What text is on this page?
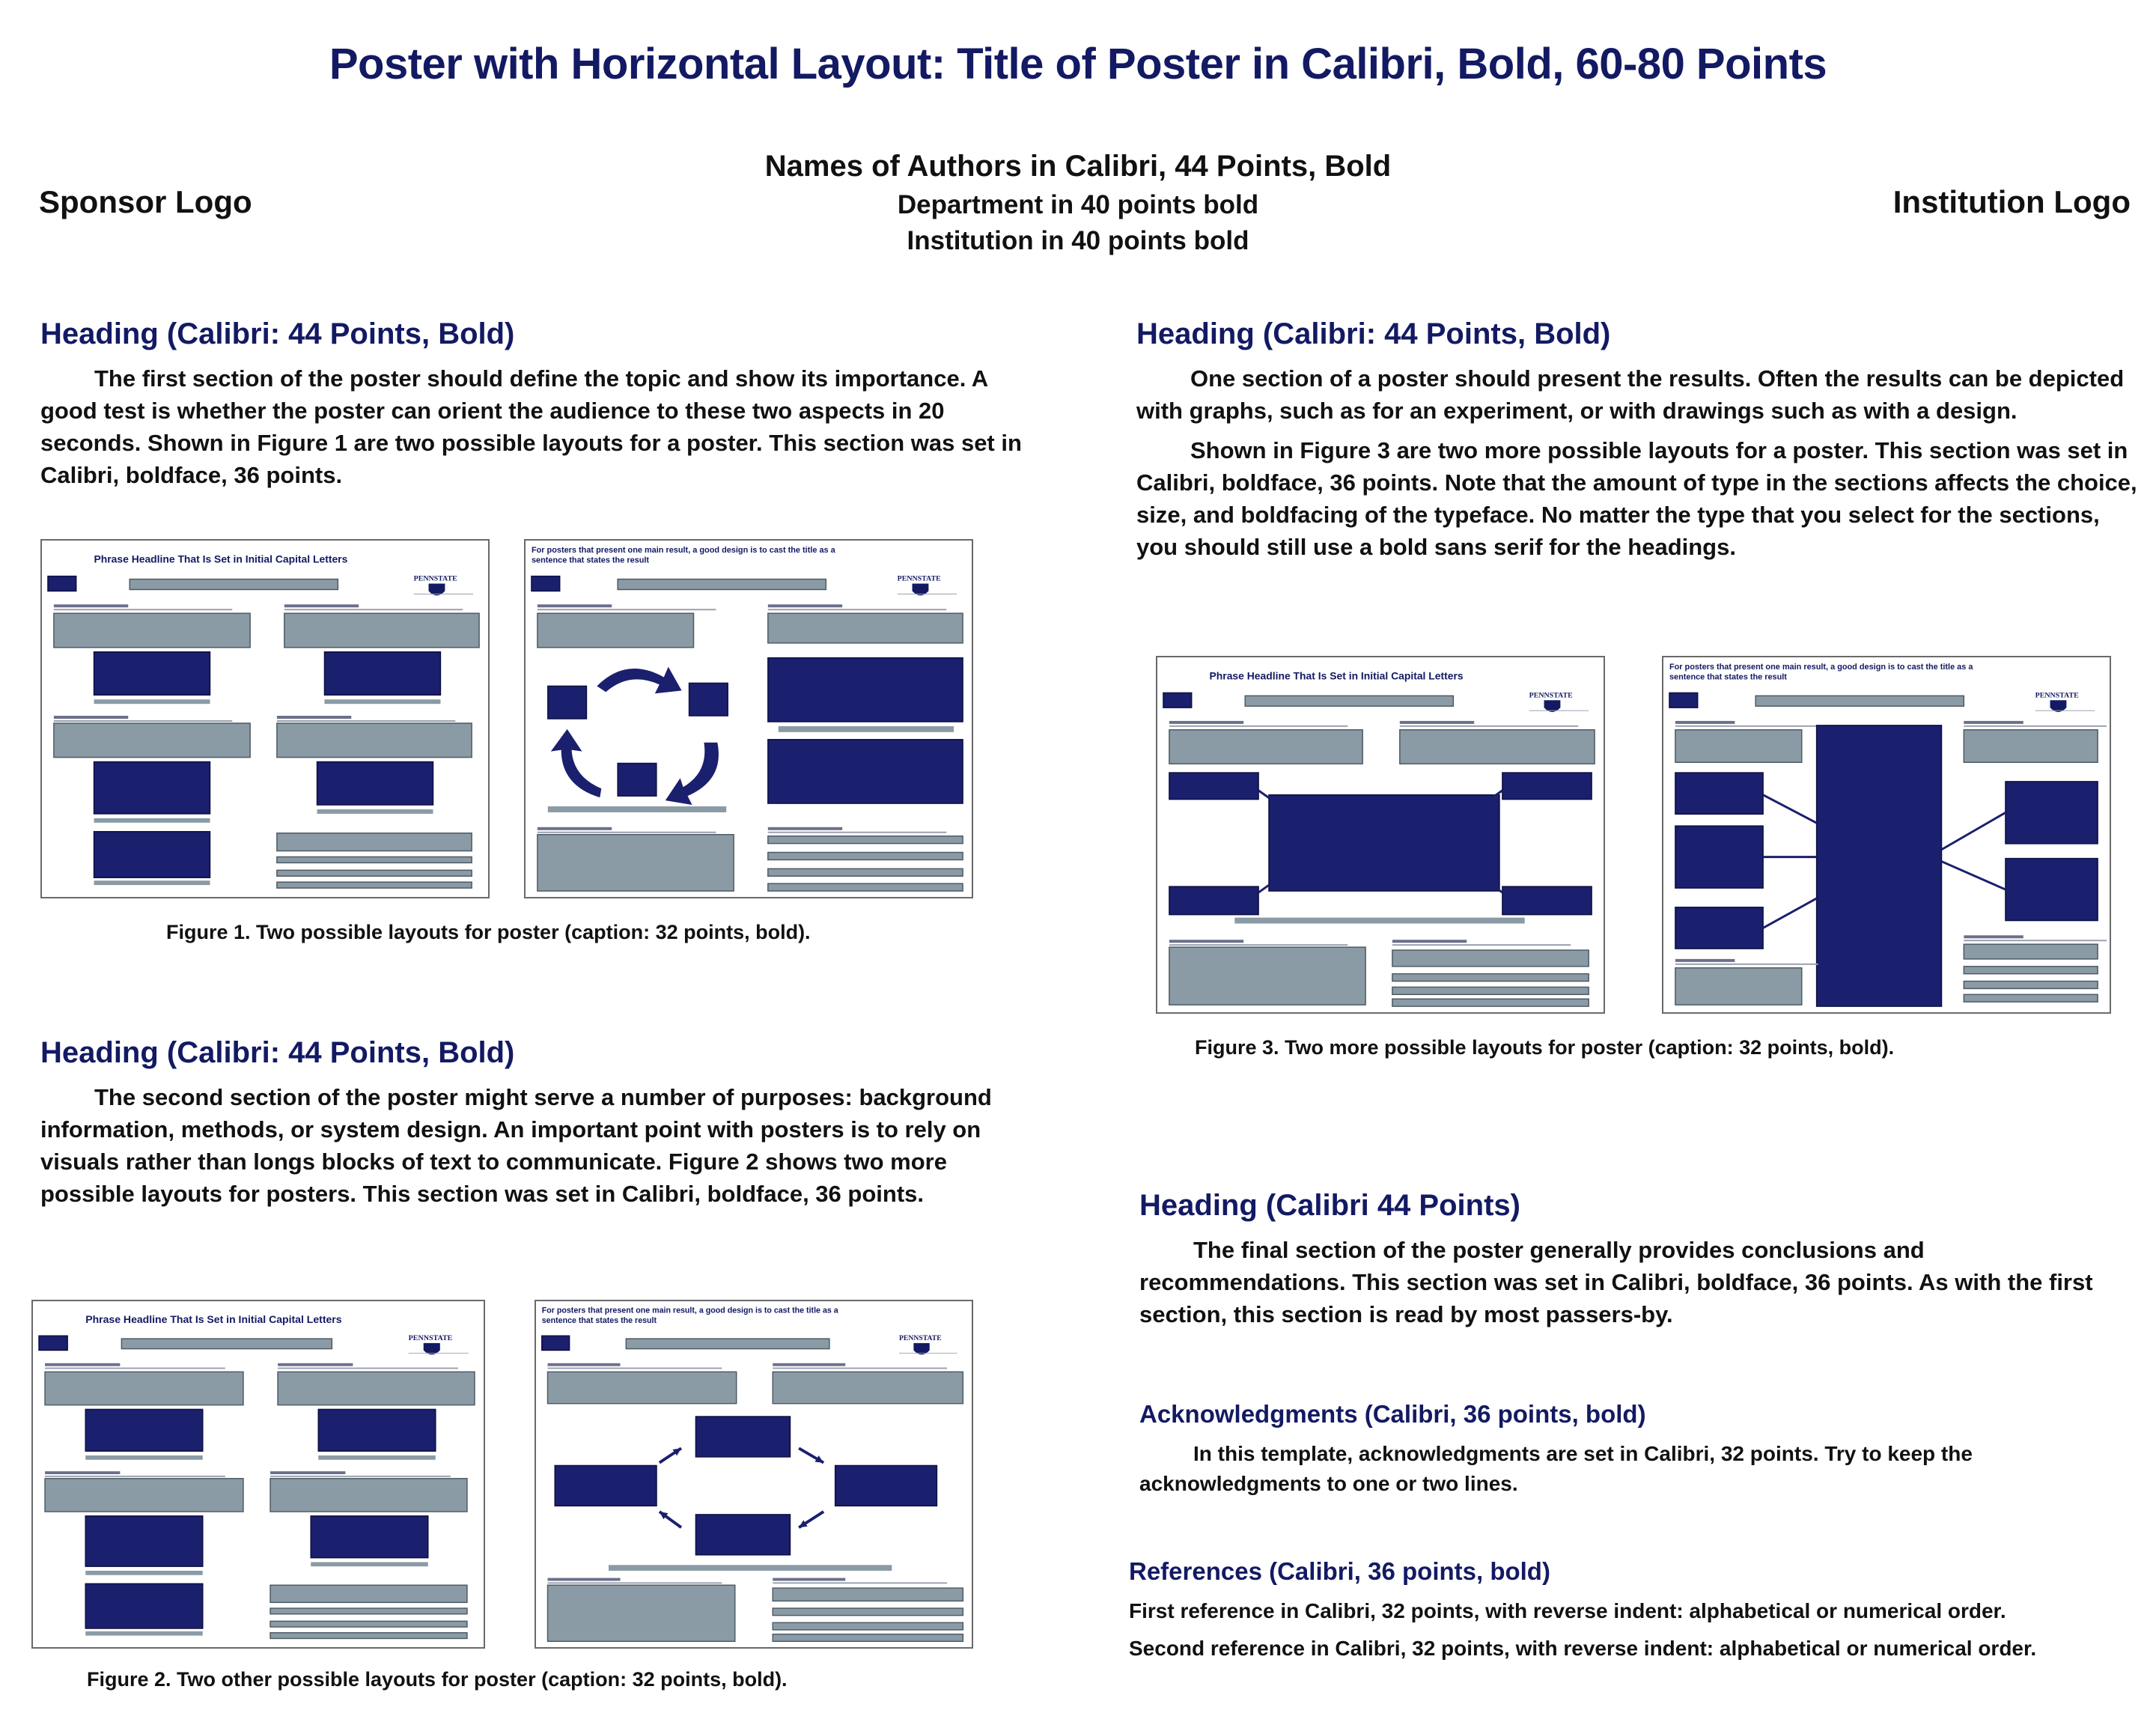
Poster with Horizontal Layout: Title of Poster in Calibri, Bold, 60-80 Points
Names of Authors in Calibri, 44 Points, Bold
Department in 40 points bold
Institution in 40 points bold
Sponsor Logo	Institution Logo
Heading (Calibri: 44 Points, Bold)

The first section of the poster should define the topic and show its importance. A good test is whether the poster can orient the audience to these two aspects in 20 seconds. Shown in Figure 1 are two possible layouts for a poster. This section was set in Calibri, boldface, 36 points.

Phrase Headline That Is Set in Initial Capital Letters
PENNSTATE
For posters that present one main result, a good design is to cast the title as a
sentence that states the result
PENNSTATE
Figure 1. Two possible layouts for poster (caption: 32 points, bold).
Heading (Calibri: 44 Points, Bold)

The second section of the poster might serve a number of purposes: background information, methods, or system design. An important point with posters is to rely on visuals rather than longs blocks of text to communicate. Figure 2 shows two more possible layouts for posters. This section was set in Calibri, boldface, 36 points.

Phrase Headline That Is Set in Initial Capital Letters
PENNSTATE
For posters that present one main result, a good design is to cast the title as a
sentence that states the result
PENNSTATE
Figure 2. Two other possible layouts for poster (caption: 32 points, bold).
Heading (Calibri: 44 Points, Bold)

One section of a poster should present the results. Often the results can be depicted with graphs, such as for an experiment, or with drawings such as with a design.

Shown in Figure 3 are two more possible layouts for a poster. This section was set in Calibri, boldface, 36 points. Note that the amount of type in the sections affects the choice, size, and boldfacing of the typeface. No matter the type that you select for the sections, you should still use a bold sans serif for the headings.

Phrase Headline That Is Set in Initial Capital Letters
PENNSTATE
For posters that present one main result, a good design is to cast the title as a
sentence that states the result
PENNSTATE
Figure 3. Two more possible layouts for poster (caption: 32 points, bold).
Heading (Calibri 44 Points)

The final section of the poster generally provides conclusions and recommendations. This section was set in Calibri, boldface, 36 points. As with the first section, this section is read by most passers-by.

Acknowledgments (Calibri, 36 points, bold)

In this template, acknowledgments are set in Calibri, 32 points. Try to keep the acknowledgments to one or two lines.

References (Calibri, 36 points, bold)
First reference in Calibri, 32 points, with reverse indent: alphabetical or numerical order.
Second reference in Calibri, 32 points, with reverse indent: alphabetical or numerical order.
